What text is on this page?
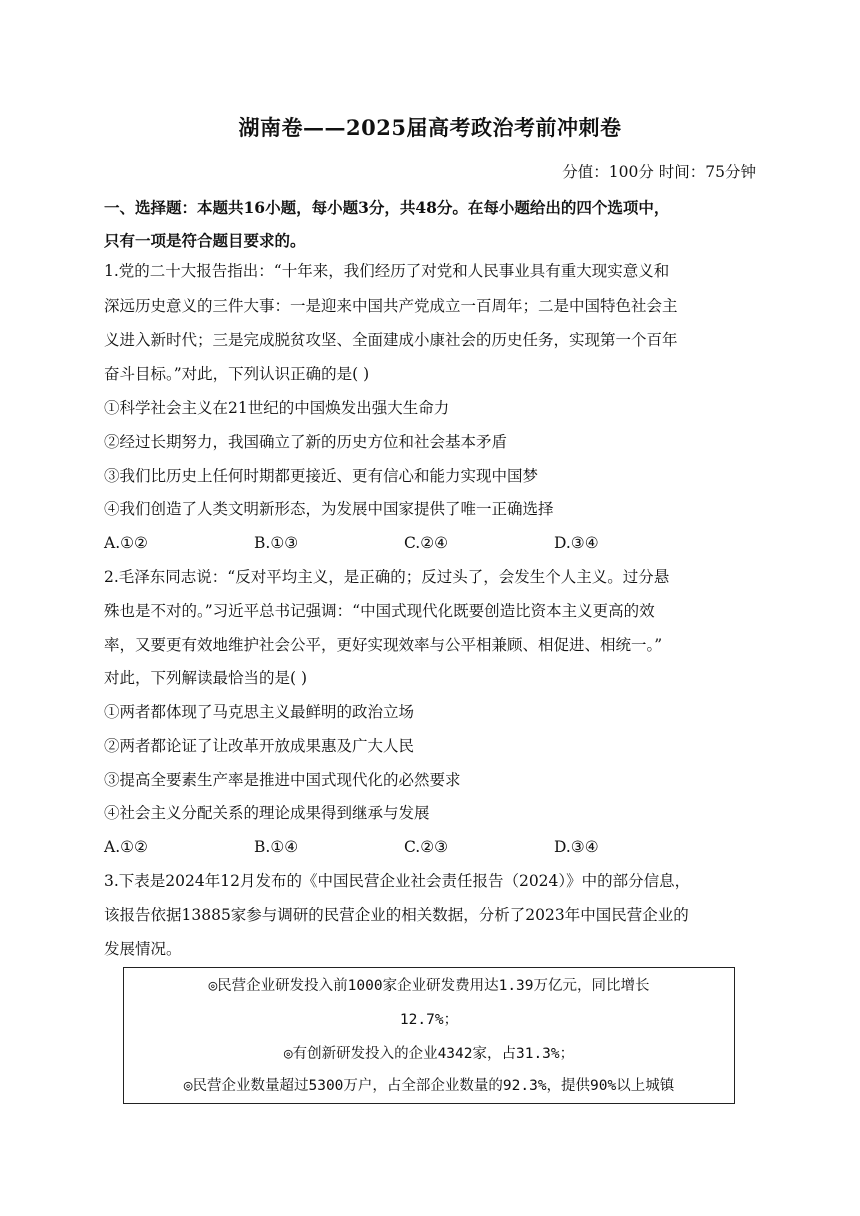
湖南卷——2025届高考政治考前冲刺卷
分值：100分 时间：75分钟
一、选择题：本题共16小题，每小题3分，共48分。在每小题给出的四个选项中，
只有一项是符合题目要求的。
1.党的二十大报告指出：“十年来，我们经历了对党和人民事业具有重大现实意义和
深远历史意义的三件大事：一是迎来中国共产党成立一百周年；二是中国特色社会主
义进入新时代；三是完成脱贫攻坚、全面建成小康社会的历史任务，实现第一个百年
奋斗目标。”对此，下列认识正确的是( )
①科学社会主义在21世纪的中国焕发出强大生命力
②经过长期努力，我国确立了新的历史方位和社会基本矛盾
③我们比历史上任何时期都更接近、更有信心和能力实现中国梦
④我们创造了人类文明新形态，为发展中国家提供了唯一正确选择
A.①②	B.①③	C.②④	D.③④
2.毛泽东同志说：“反对平均主义，是正确的；反过头了，会发生个人主义。过分悬
殊也是不对的。”习近平总书记强调：“中国式现代化既要创造比资本主义更高的效
率，又要更有效地维护社会公平，更好实现效率与公平相兼顾、相促进、相统一。”
对此，下列解读最恰当的是( )
①两者都体现了马克思主义最鲜明的政治立场
②两者都论证了让改革开放成果惠及广大人民
③提高全要素生产率是推进中国式现代化的必然要求
④社会主义分配关系的理论成果得到继承与发展
A.①②	B.①④	C.②③	D.③④
3.下表是2024年12月发布的《中国民营企业社会责任报告（2024）》中的部分信息，
该报告依据13885家参与调研的民营企业的相关数据，分析了2023年中国民营企业的
发展情况。
◎民营企业研发投入前1000家企业研发费用达1.39万亿元，同比增长
12.7%；
◎有创新研发投入的企业4342家，占31.3%；
◎民营企业数量超过5300万户，占全部企业数量的92.3%，提供90%以上城镇
